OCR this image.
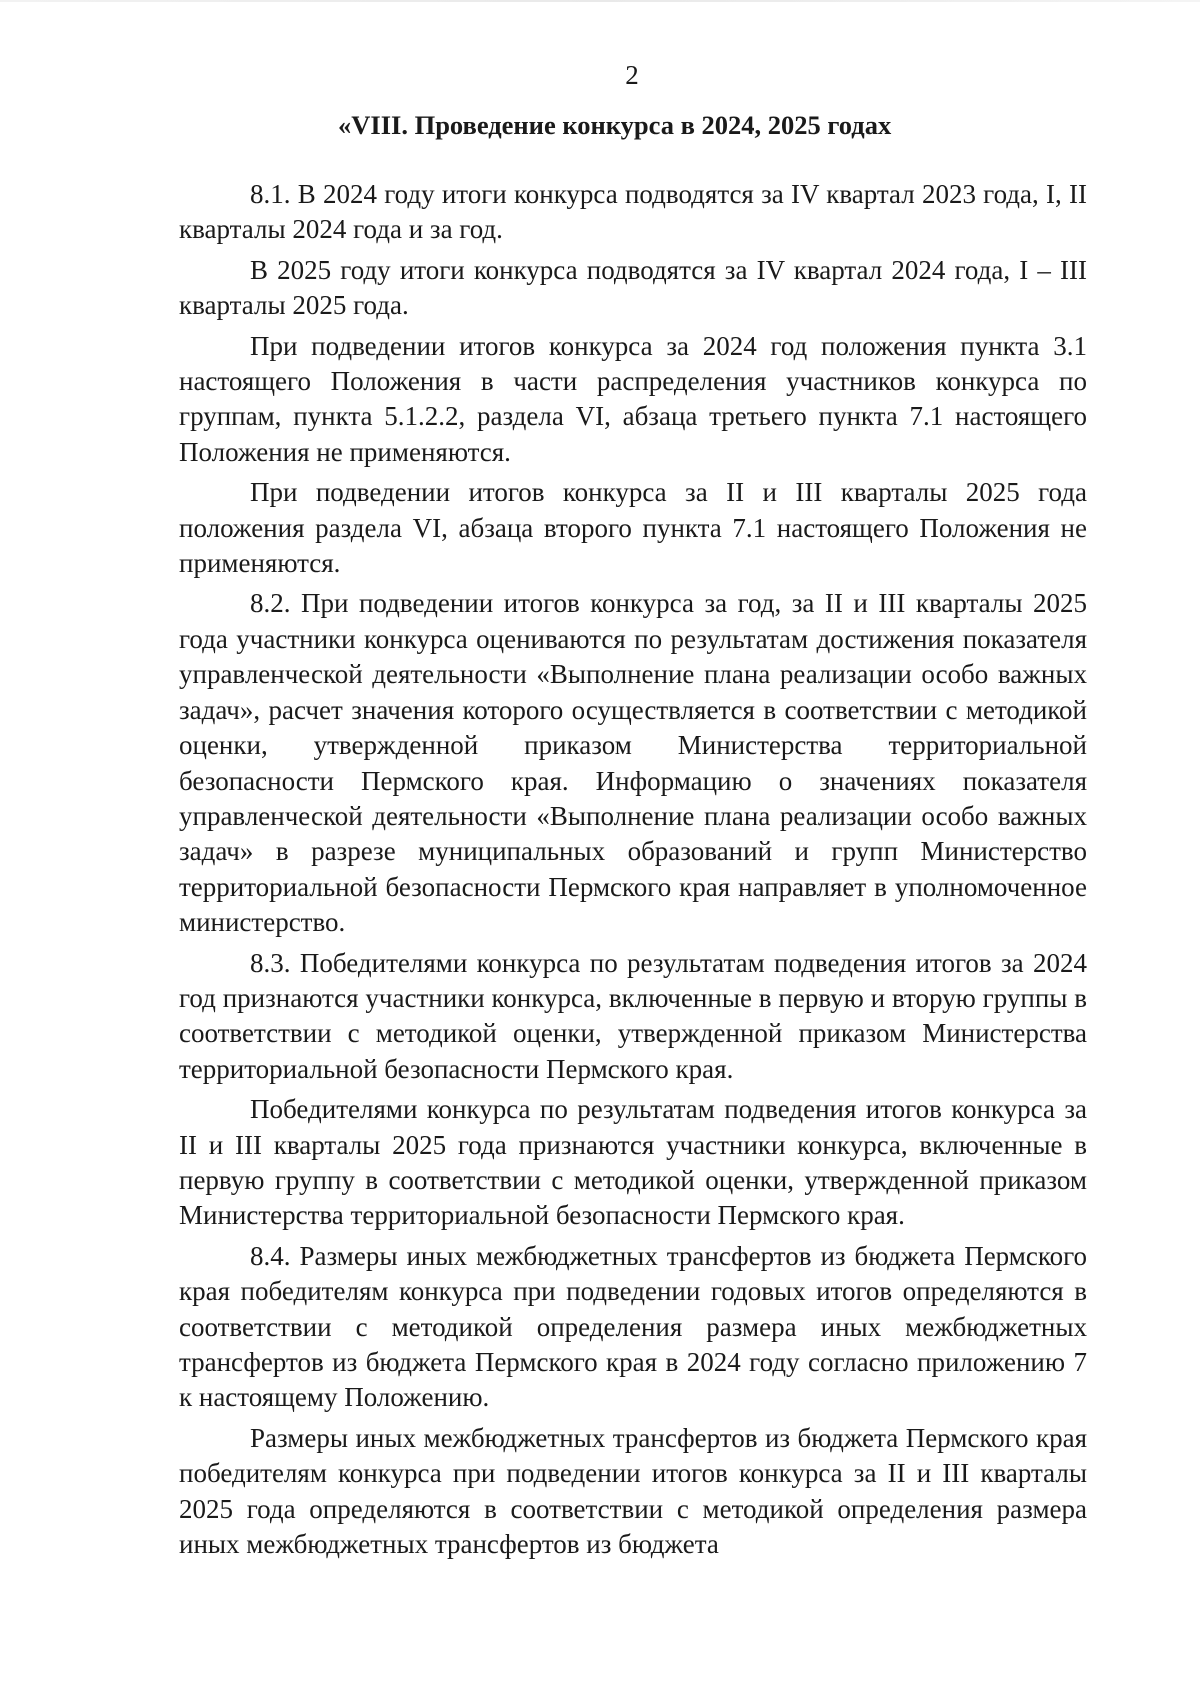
2
«VIII. Проведение конкурса в 2024, 2025 годах

8.1. В 2024 году итоги конкурса подводятся за IV квартал 2023 года, I, II кварталы 2024 года и за год.

В 2025 году итоги конкурса подводятся за IV квартал 2024 года, I – III кварталы 2025 года.

При подведении итогов конкурса за 2024 год положения пункта 3.1 настоящего Положения в части распределения участников конкурса по группам, пункта 5.1.2.2, раздела VI, абзаца третьего пункта 7.1 настоящего Положения не применяются.

При подведении итогов конкурса за II и III кварталы 2025 года положения раздела VI, абзаца второго пункта 7.1 настоящего Положения не применяются.

8.2. При подведении итогов конкурса за год, за II и III кварталы 2025 года участники конкурса оцениваются по результатам достижения показателя управленческой деятельности «Выполнение плана реализации особо важных задач», расчет значения которого осуществляется в соответствии с методикой оценки, утвержденной приказом Министерства территориальной безопасности Пермского края. Информацию о значениях показателя управленческой деятельности «Выполнение плана реализации особо важных задач» в разрезе муниципальных образований и групп Министерство территориальной безопасности Пермского края направляет в уполномоченное министерство.

8.3. Победителями конкурса по результатам подведения итогов за 2024 год признаются участники конкурса, включенные в первую и вторую группы в соответствии с методикой оценки, утвержденной приказом Министерства территориальной безопасности Пермского края.

Победителями конкурса по результатам подведения итогов конкурса за II и III кварталы 2025 года признаются участники конкурса, включенные в первую группу в соответствии с методикой оценки, утвержденной приказом Министерства территориальной безопасности Пермского края.

8.4. Размеры иных межбюджетных трансфертов из бюджета Пермского края победителям конкурса при подведении годовых итогов определяются в соответствии с методикой определения размера иных межбюджетных трансфертов из бюджета Пермского края в 2024 году согласно приложению 7 к настоящему Положению.

Размеры иных межбюджетных трансфертов из бюджета Пермского края победителям конкурса при подведении итогов конкурса за II и III кварталы 2025 года определяются в соответствии с методикой определения размера иных межбюджетных трансфертов из бюджета
